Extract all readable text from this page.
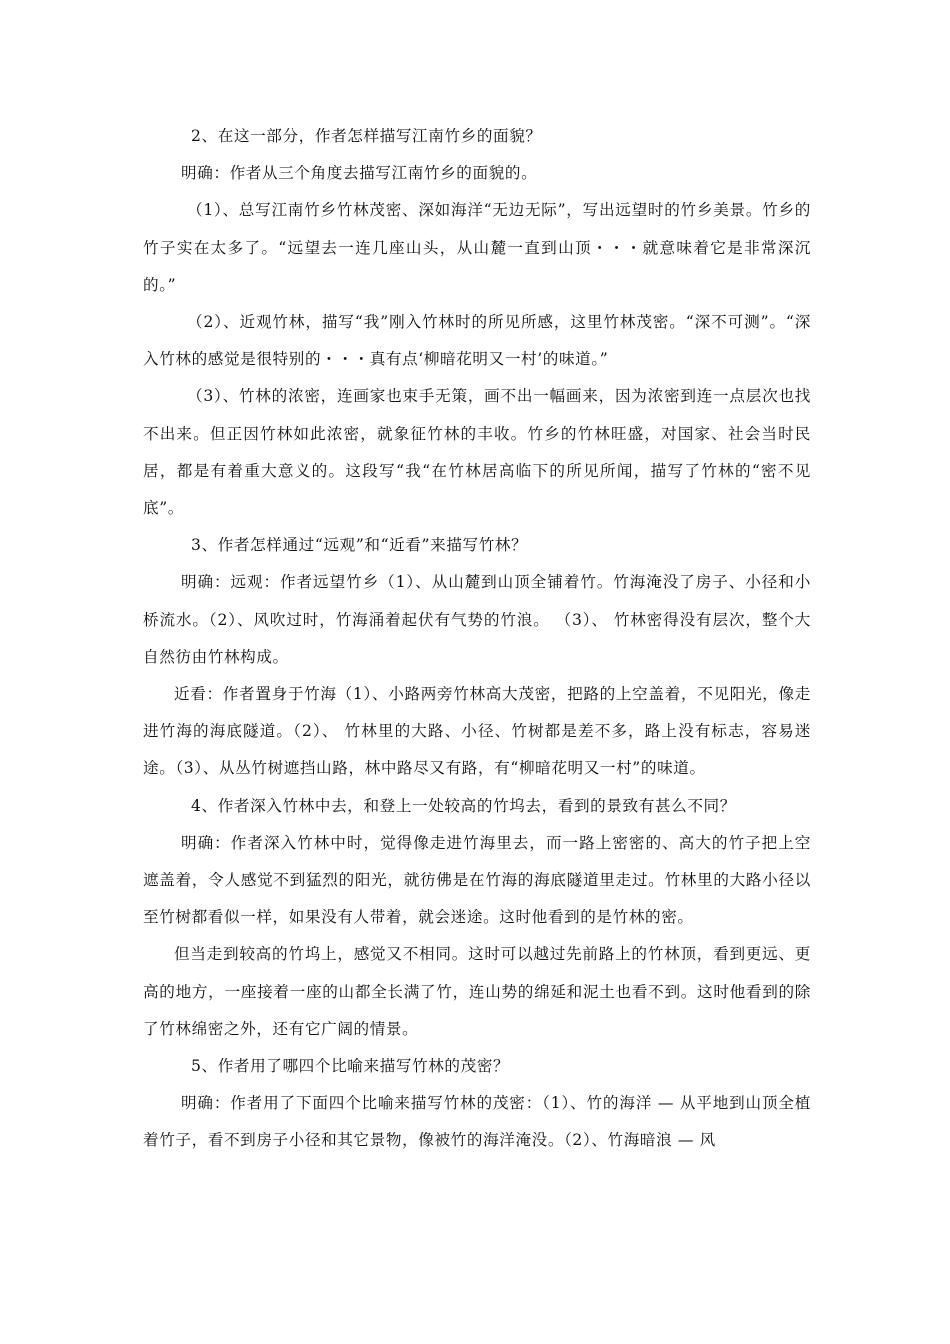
2、在这一部分，作者怎样描写江南竹乡的面貌？

明确：作者从三个角度去描写江南竹乡的面貌的。

（1）、总写江南竹乡竹林茂密、深如海洋“无边无际”，写出远望时的竹乡美景。竹乡的竹子实在太多了。“远望去一连几座山头，从山麓一直到山顶・・・就意味着它是非常深沉的。”

（2）、近观竹林，描写“我”刚入竹林时的所见所感，这里竹林茂密。“深不可测”。“深入竹林的感觉是很特别的・・・真有点‘柳暗花明又一村’的味道。”

（3）、竹林的浓密，连画家也束手无策，画不出一幅画来，因为浓密到连一点层次也找不出来。但正因竹林如此浓密，就象征竹林的丰收。竹乡的竹林旺盛，对国家、社会当时民居，都是有着重大意义的。这段写“我“在竹林居高临下的所见所闻，描写了竹林的“密不见底”。

3、作者怎样通过“远观”和“近看”来描写竹林？

明确：远观：作者远望竹乡（1）、从山麓到山顶全铺着竹。竹海淹没了房子、小径和小桥流水。（2）、风吹过时，竹海涌着起伏有气势的竹浪。 （3）、 竹林密得没有层次，整个大自然彷由竹林构成。

近看：作者置身于竹海（1）、小路两旁竹林高大茂密，把路的上空盖着，不见阳光，像走进竹海的海底隧道。（2）、 竹林里的大路、小径、竹树都是差不多，路上没有标志，容易迷途。（3）、从丛竹树遮挡山路，林中路尽又有路，有“柳暗花明又一村”的味道。

4、作者深入竹林中去，和登上一处较高的竹坞去，看到的景致有甚么不同？

明确：作者深入竹林中时，觉得像走进竹海里去，而一路上密密的、高大的竹子把上空遮盖着，令人感觉不到猛烈的阳光，就彷佛是在竹海的海底隧道里走过。竹林里的大路小径以至竹树都看似一样，如果没有人带着，就会迷途。这时他看到的是竹林的密。

但当走到较高的竹坞上，感觉又不相同。这时可以越过先前路上的竹林顶，看到更远、更高的地方，一座接着一座的山都全长满了竹，连山势的绵延和泥土也看不到。这时他看到的除了竹林绵密之外，还有它广阔的情景。

5、作者用了哪四个比喻来描写竹林的茂密？

明确：作者用了下面四个比喻来描写竹林的茂密：（1）、竹的海洋 — 从平地到山顶全植着竹子，看不到房子小径和其它景物，像被竹的海洋淹没。（2）、竹海暗浪 — 风
